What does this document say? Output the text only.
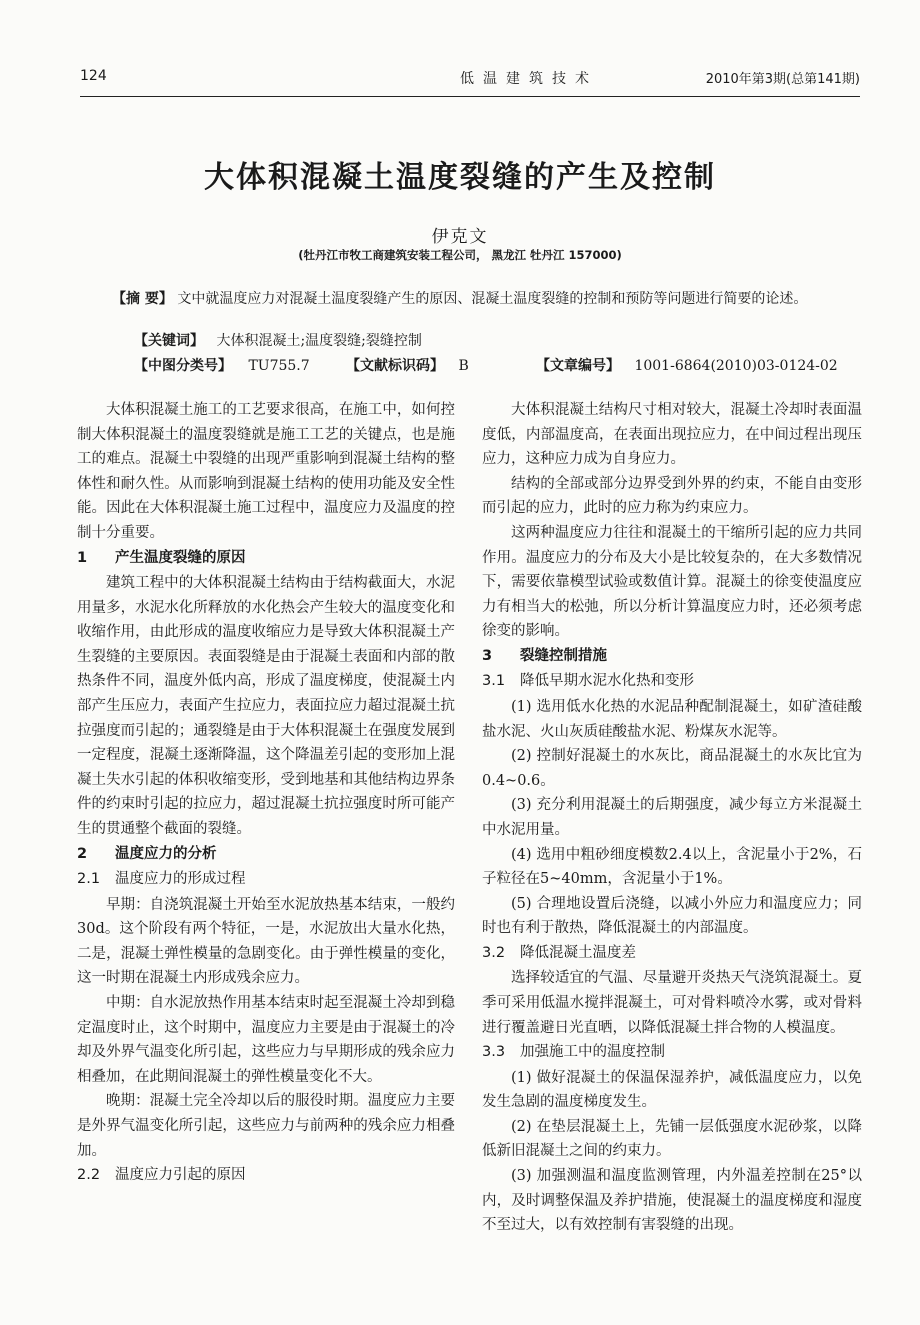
124	低温建筑技术	2010年第3期(总第141期)
大体积混凝土温度裂缝的产生及控制
伊克文
(牡丹江市牧工商建筑安装工程公司， 黑龙江 牡丹江 157000)
【摘 要】 文中就温度应力对混凝土温度裂缝产生的原因、混凝土温度裂缝的控制和预防等问题进行简要的论述。
【关键词】 大体积混凝土;温度裂缝;裂缝控制
【中图分类号】 TU755.7	【文献标识码】 B	【文章编号】 1001-6864(2010)03-0124-02

大体积混凝土施工的工艺要求很高，在施工中，如何控制大体积混凝土的温度裂缝就是施工工艺的关键点，也是施工的难点。混凝土中裂缝的出现严重影响到混凝土结构的整体性和耐久性。从而影响到混凝土结构的使用功能及安全性能。因此在大体积混凝土施工过程中，温度应力及温度的控制十分重要。

1 产生温度裂缝的原因

建筑工程中的大体积混凝土结构由于结构截面大，水泥用量多，水泥水化所释放的水化热会产生较大的温度变化和收缩作用，由此形成的温度收缩应力是导致大体积混凝土产生裂缝的主要原因。表面裂缝是由于混凝土表面和内部的散热条件不同，温度外低内高，形成了温度梯度，使混凝土内部产生压应力，表面产生拉应力，表面拉应力超过混凝土抗拉强度而引起的；通裂缝是由于大体积混凝土在强度发展到一定程度，混凝土逐渐降温，这个降温差引起的变形加上混凝土失水引起的体积收缩变形，受到地基和其他结构边界条件的约束时引起的拉应力，超过混凝土抗拉强度时所可能产生的贯通整个截面的裂缝。

2 温度应力的分析
2.1 温度应力的形成过程

早期：自浇筑混凝土开始至水泥放热基本结束，一般约30d。这个阶段有两个特征，一是，水泥放出大量水化热，二是，混凝土弹性模量的急剧变化。由于弹性模量的变化，这一时期在混凝土内形成残余应力。

中期：自水泥放热作用基本结束时起至混凝土冷却到稳定温度时止，这个时期中，温度应力主要是由于混凝土的冷却及外界气温变化所引起，这些应力与早期形成的残余应力相叠加，在此期间混凝土的弹性模量变化不大。

晚期：混凝土完全冷却以后的服役时期。温度应力主要是外界气温变化所引起，这些应力与前两种的残余应力相叠加。

2.2 温度应力引起的原因

大体积混凝土结构尺寸相对较大，混凝土冷却时表面温度低，内部温度高，在表面出现拉应力，在中间过程出现压应力，这种应力成为自身应力。

结构的全部或部分边界受到外界的约束，不能自由变形而引起的应力，此时的应力称为约束应力。

这两种温度应力往往和混凝土的干缩所引起的应力共同作用。温度应力的分布及大小是比较复杂的，在大多数情况下，需要依靠模型试验或数值计算。混凝土的徐变使温度应力有相当大的松弛，所以分析计算温度应力时，还必须考虑徐变的影响。

3 裂缝控制措施
3.1 降低早期水泥水化热和变形

(1) 选用低水化热的水泥品种配制混凝土，如矿渣硅酸盐水泥、火山灰质硅酸盐水泥、粉煤灰水泥等。

(2) 控制好混凝土的水灰比，商品混凝土的水灰比宜为0.4~0.6。

(3) 充分利用混凝土的后期强度，减少每立方米混凝土中水泥用量。

(4) 选用中粗砂细度模数2.4以上，含泥量小于2%，石子粒径在5~40mm，含泥量小于1%。

(5) 合理地设置后浇缝，以减小外应力和温度应力；同时也有利于散热，降低混凝土的内部温度。

3.2 降低混凝土温度差

选择较适宜的气温、尽量避开炎热天气浇筑混凝土。夏季可采用低温水搅拌混凝土，可对骨料喷冷水雾，或对骨料进行覆盖避日光直晒，以降低混凝土拌合物的人模温度。

3.3 加强施工中的温度控制

(1) 做好混凝土的保温保湿养护，减低温度应力，以免发生急剧的温度梯度发生。

(2) 在垫层混凝土上，先铺一层低强度水泥砂浆，以降低新旧混凝土之间的约束力。

(3) 加强测温和温度监测管理，内外温差控制在25°以内，及时调整保温及养护措施，使混凝土的温度梯度和湿度不至过大，以有效控制有害裂缝的出现。
